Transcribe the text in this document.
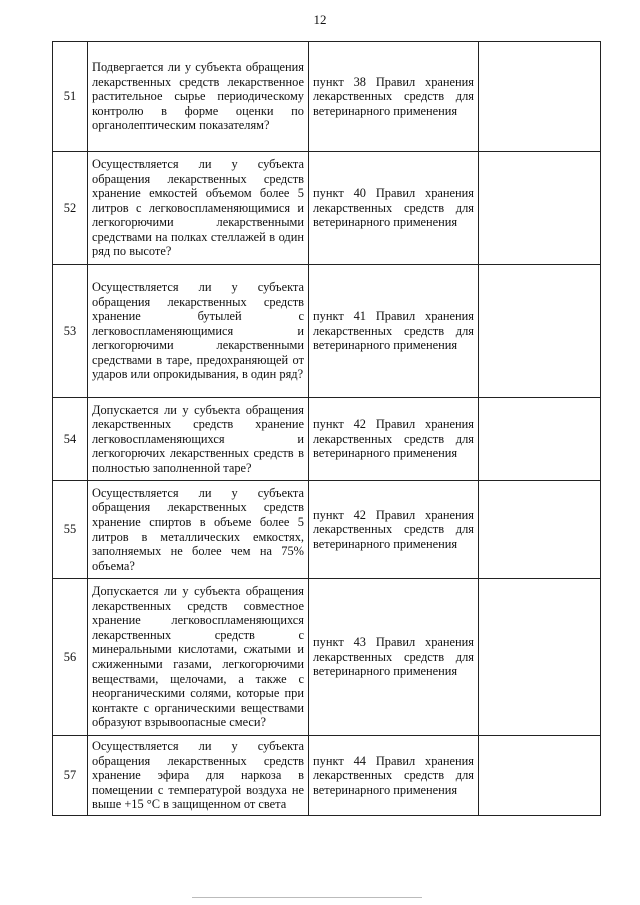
12
51	Подвергается ли у субъекта обращения лекарственных средств лекарственное растительное сырье периодическому контролю в форме оценки по органолептическим показателям?	пункт 38 Правил хранения лекарственных средств для ветеринарного применения	
52	Осуществляется ли у субъекта обращения лекарственных средств хранение емкостей объемом более 5 литров с легковоспламеняющимися и легкогорючими лекарственными средствами на полках стеллажей в один ряд по высоте?	пункт 40 Правил хранения лекарственных средств для ветеринарного применения	
53	Осуществляется ли у субъекта обращения лекарственных средств хранение бутылей с легковоспламеняющимися и легкогорючими лекарственными средствами в таре, предохраняющей от ударов или опрокидывания, в один ряд?	пункт 41 Правил хранения лекарственных средств для ветеринарного применения	
54	Допускается ли у субъекта обращения лекарственных средств хранение легковоспламеняющихся и легкогорючих лекарственных средств в полностью заполненной таре?	пункт 42 Правил хранения лекарственных средств для ветеринарного применения	
55	Осуществляется ли у субъекта обращения лекарственных средств хранение спиртов в объеме более 5 литров в металлических емкостях, заполняемых не более чем на 75% объема?	пункт 42 Правил хранения лекарственных средств для ветеринарного применения	
56	Допускается ли у субъекта обращения лекарственных средств совместное хранение легковоспламеняющихся лекарственных средств с минеральными кислотами, сжатыми и сжиженными газами, легкогорючими веществами, щелочами, а также с неорганическими солями, которые при контакте с органическими веществами образуют взрывоопасные смеси?	пункт 43 Правил хранения лекарственных средств для ветеринарного применения	
57	Осуществляется ли у субъекта обращения лекарственных средств хранение эфира для наркоза в помещении с температурой воздуха не выше +15 °С в защищенном от света	пункт 44 Правил хранения лекарственных средств для ветеринарного применения	
